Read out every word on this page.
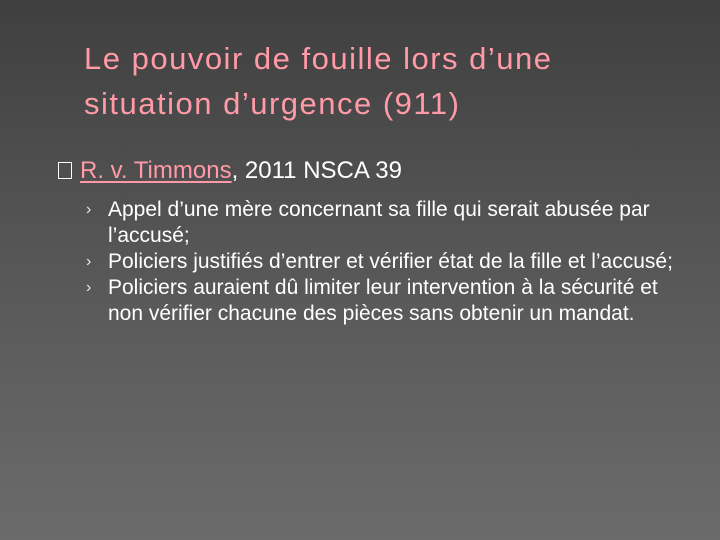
Le pouvoir de fouille lors d’une
situation d’urgence (911)
R. v. Timmons, 2011 NSCA 39
› Appel d’une mère concernant sa fille qui serait abusée par l’accusé;
› Policiers justifiés d’entrer et vérifier état de la fille et l’accusé;
› Policiers auraient dû limiter leur intervention à la sécurité et non vérifier chacune des pièces sans obtenir un mandat.
